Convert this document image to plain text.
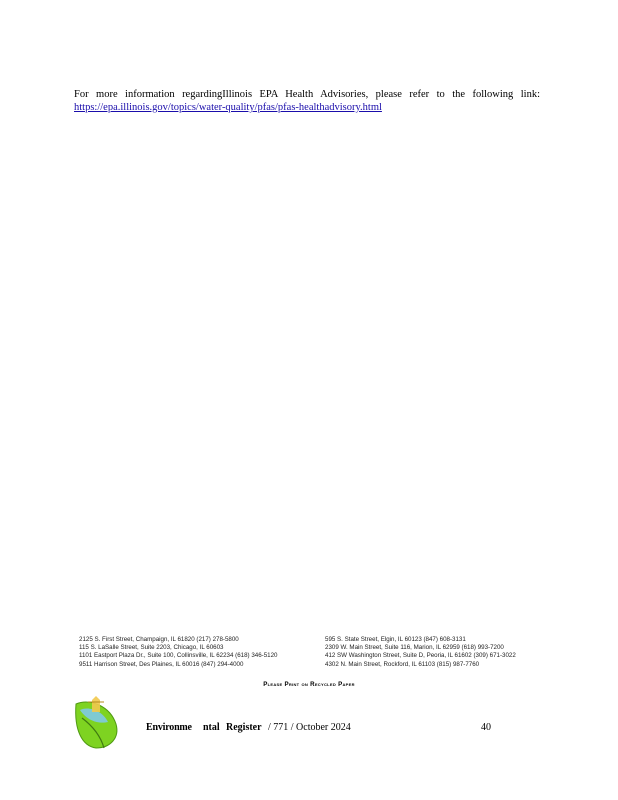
For more information regardingIllinois EPA Health Advisories, please refer to the following link:
https://epa.illinois.gov/topics/water-quality/pfas/pfas-healthadvisory.html
2125 S. First Street, Champaign, IL 61820 (217) 278-5800
115 S. LaSalle Street, Suite 2203, Chicago, IL 60603
1101 Eastport Plaza Dr., Suite 100, Collinsville, IL 62234 (618) 346-5120
9511 Harrison Street, Des Plaines, IL 60016 (847) 294-4000
595 S. State Street, Elgin, IL 60123 (847) 608-3131
2309 W. Main Street, Suite 116, Marion, IL 62959 (618) 993-7200
412 SW Washington Street, Suite D, Peoria, IL 61602 (309) 671-3022
4302 N. Main Street, Rockford, IL 61103 (815) 987-7760
Please Print on Recycled Paper
Environme ntal Register / 771 / October 2024	40
